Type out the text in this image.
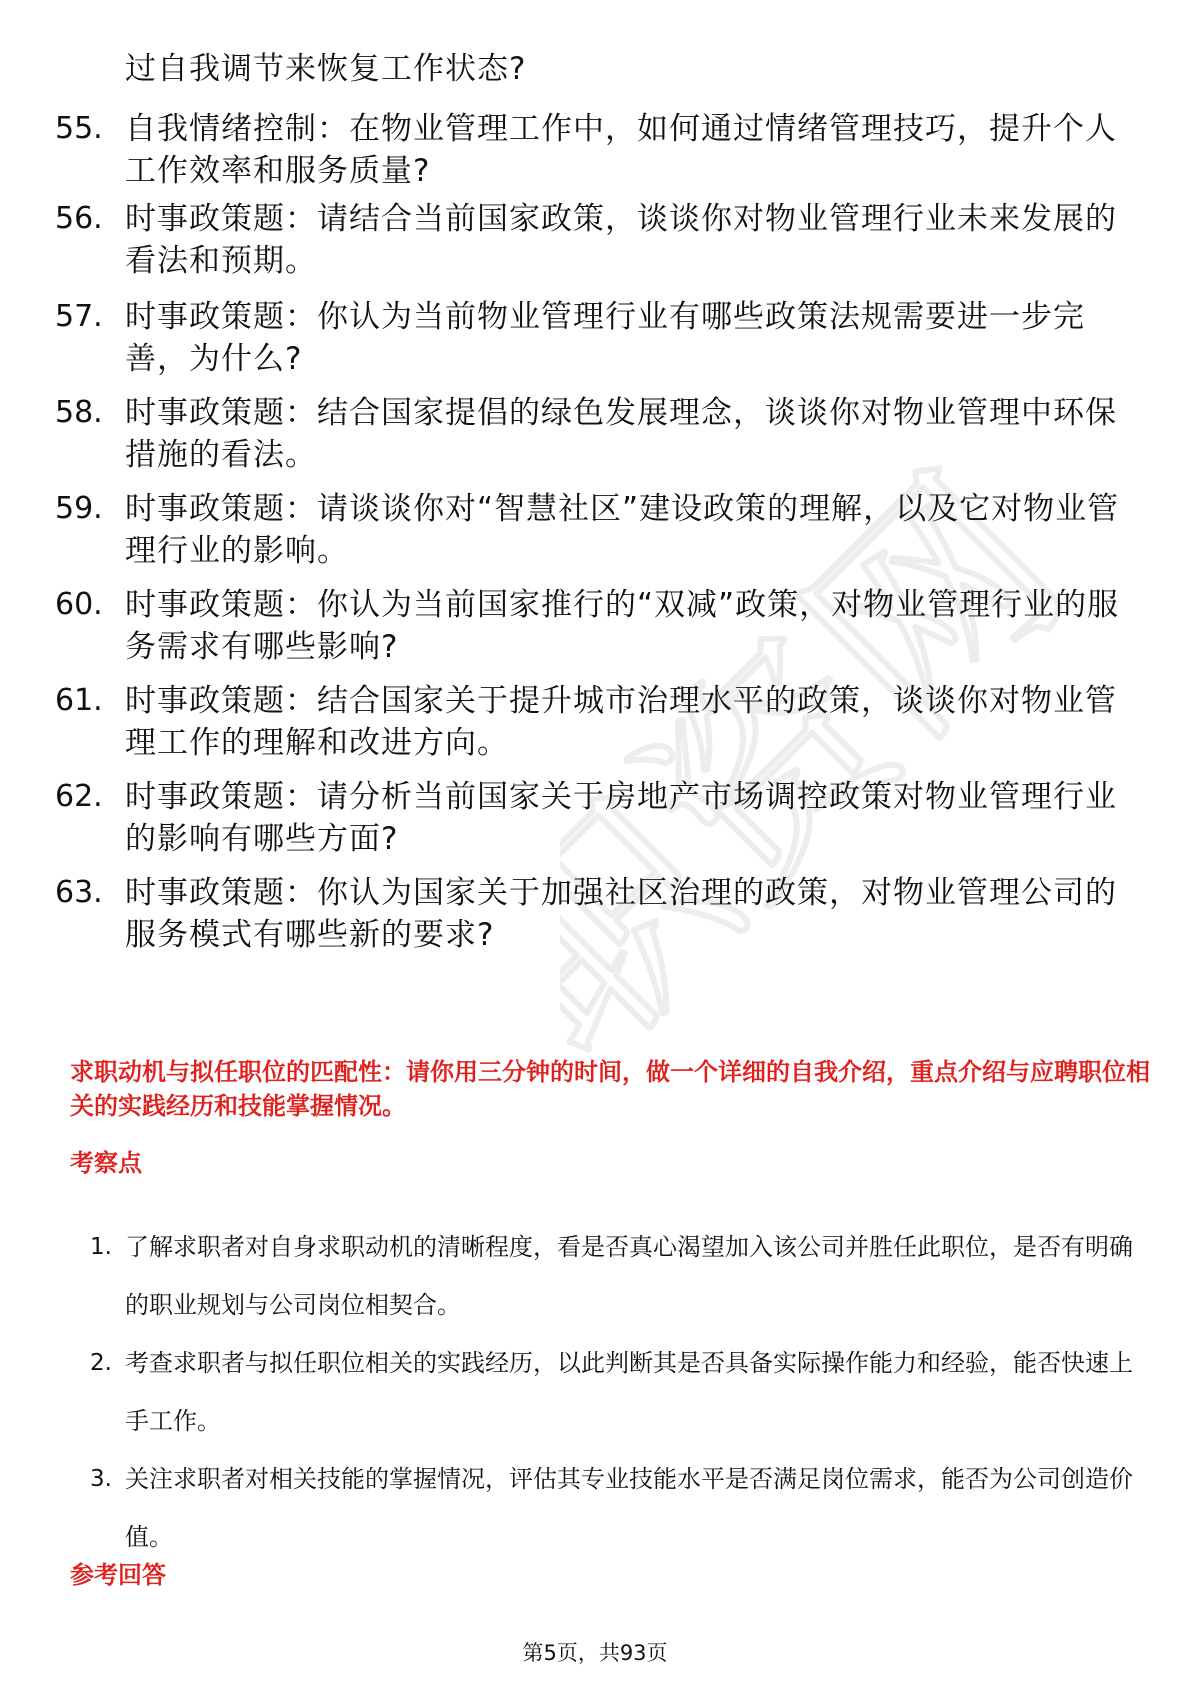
职资网
过自我调节来恢复工作状态?
55. 自我情绪控制：在物业管理工作中，如何通过情绪管理技巧，提升个人工作效率和服务质量?
56. 时事政策题：请结合当前国家政策，谈谈你对物业管理行业未来发展的看法和预期。
57. 时事政策题：你认为当前物业管理行业有哪些政策法规需要进一步完善，为什么?
58. 时事政策题：结合国家提倡的绿色发展理念，谈谈你对物业管理中环保措施的看法。
59. 时事政策题：请谈谈你对“智慧社区”建设政策的理解，以及它对物业管理行业的影响。
60. 时事政策题：你认为当前国家推行的“双减”政策，对物业管理行业的服务需求有哪些影响?
61. 时事政策题：结合国家关于提升城市治理水平的政策，谈谈你对物业管理工作的理解和改进方向。
62. 时事政策题：请分析当前国家关于房地产市场调控政策对物业管理行业的影响有哪些方面?
63. 时事政策题：你认为国家关于加强社区治理的政策，对物业管理公司的服务模式有哪些新的要求?
求职动机与拟任职位的匹配性：请你用三分钟的时间，做一个详细的自我介绍，重点介绍与应聘职位相关的实践经历和技能掌握情况。
考察点
1. 了解求职者对自身求职动机的清晰程度，看是否真心渴望加入该公司并胜任此职位，是否有明确的职业规划与公司岗位相契合。
2. 考查求职者与拟任职位相关的实践经历，以此判断其是否具备实际操作能力和经验，能否快速上手工作。
3. 关注求职者对相关技能的掌握情况，评估其专业技能水平是否满足岗位需求，能否为公司创造价值。
参考回答
第5页，共93页
